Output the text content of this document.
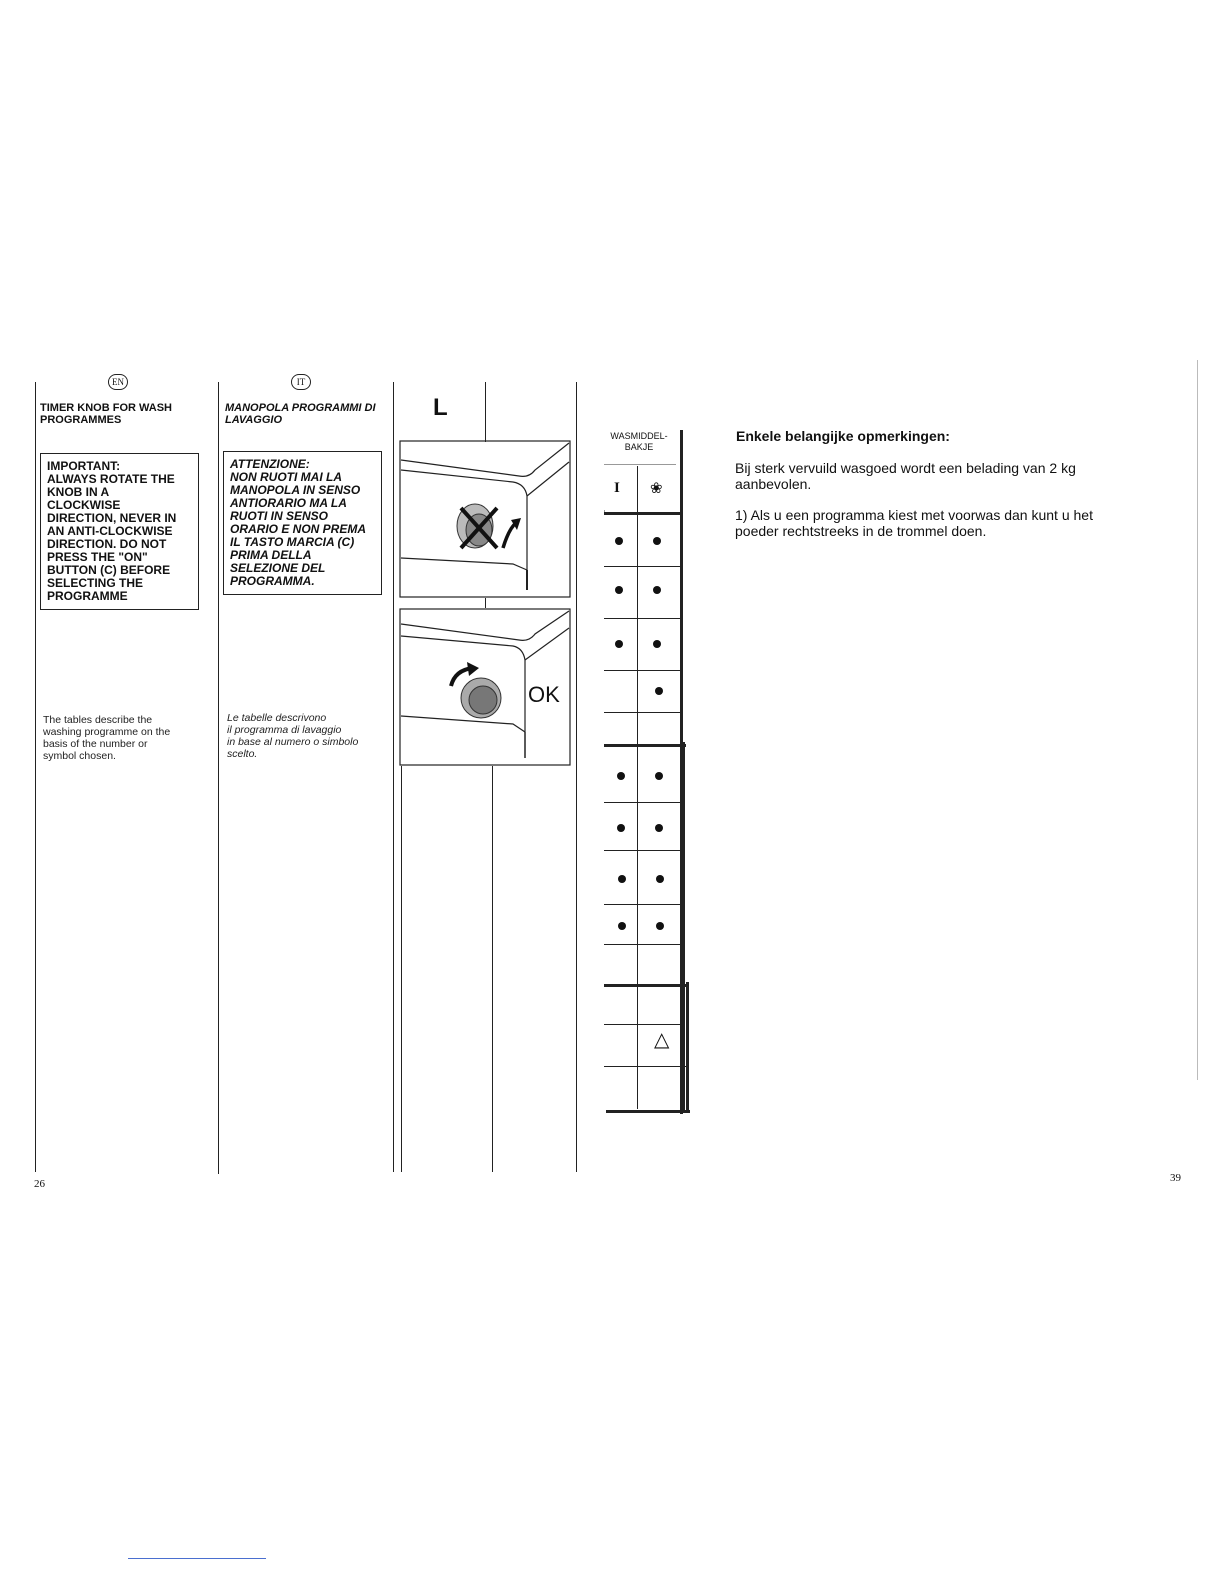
EN
TIMER KNOB FOR WASH
PROGRAMMES
IMPORTANT:
ALWAYS ROTATE THE
KNOB IN A
CLOCKWISE
DIRECTION, NEVER IN
AN ANTI-CLOCKWISE
DIRECTION. DO NOT
PRESS THE "ON"
BUTTON (C) BEFORE
SELECTING THE
PROGRAMME
The tables describe the
washing programme on the
basis of the number or
symbol chosen.
IT
MANOPOLA PROGRAMMI DI
LAVAGGIO
ATTENZIONE:
NON RUOTI MAI LA
MANOPOLA IN SENSO
ANTIORARIO MA LA
RUOTI IN SENSO
ORARIO E NON PREMA
IL TASTO MARCIA (C)
PRIMA DELLA
SELEZIONE DEL
PROGRAMMA.
Le tabelle descrivono
il programma di lavaggio
in base al numero o simbolo
scelto.
L
OK
26
WASMIDDEL-
BAKJE
I ❀
△
Enkele belangijke opmerkingen:
Bij sterk vervuild wasgoed wordt een belading van 2 kg
aanbevolen.
1) Als u een programma kiest met voorwas dan kunt u het
poeder rechtstreeks in de trommel doen.
39
